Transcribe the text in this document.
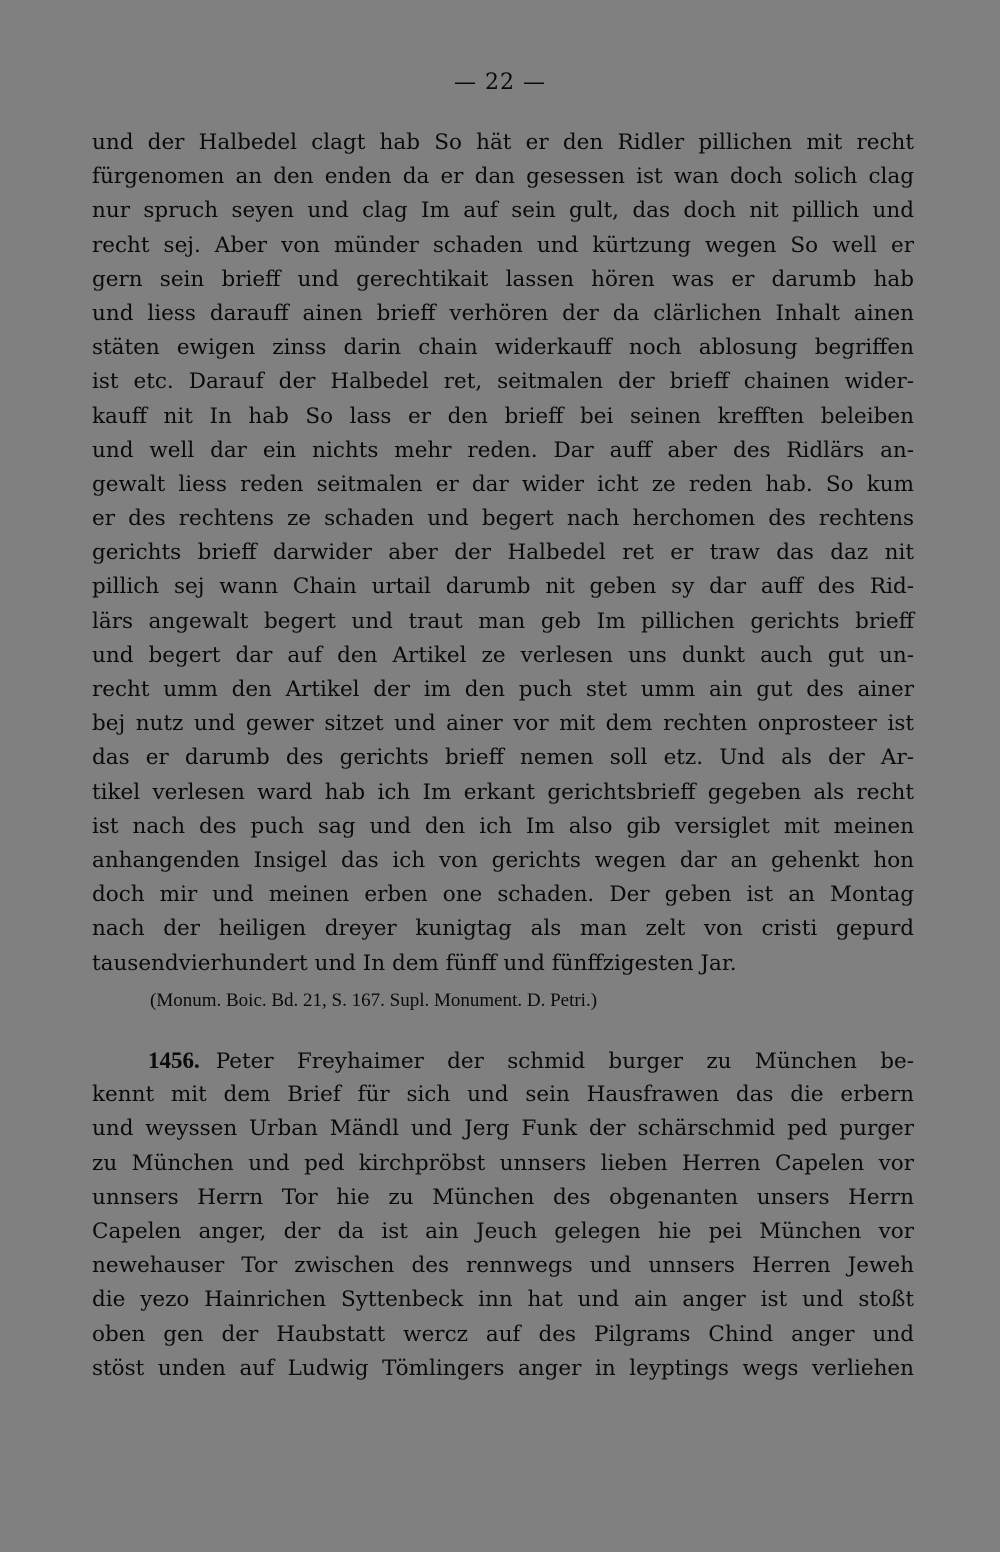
— 22 —
und der Halbedel clagt hab So hät er den Ridler pillichen mit recht
fürgenomen an den enden da er dan gesessen ist wan doch solich clag
nur spruch seyen und clag Im auf sein gult, das doch nit pillich und
recht sej. Aber von münder schaden und kürtzung wegen So well er
gern sein brieff und gerechtikait lassen hören was er darumb hab
und liess darauff ainen brieff verhören der da clärlichen Inhalt ainen
stäten ewigen zinss darin chain widerkauff noch ablosung begriffen
ist etc. Darauf der Halbedel ret, seitmalen der brieff chainen wider-
kauff nit In hab So lass er den brieff bei seinen krefften beleiben
und well dar ein nichts mehr reden. Dar auff aber des Ridlärs an-
gewalt liess reden seitmalen er dar wider icht ze reden hab. So kum
er des rechtens ze schaden und begert nach herchomen des rechtens
gerichts brieff darwider aber der Halbedel ret er traw das daz nit
pillich sej wann Chain urtail darumb nit geben sy dar auff des Rid-
lärs angewalt begert und traut man geb Im pillichen gerichts brieff
und begert dar auf den Artikel ze verlesen uns dunkt auch gut un-
recht umm den Artikel der im den puch stet umm ain gut des ainer
bej nutz und gewer sitzet und ainer vor mit dem rechten onprosteer ist
das er darumb des gerichts brieff nemen soll etz. Und als der Ar-
tikel verlesen ward hab ich Im erkant gerichtsbrieff gegeben als recht
ist nach des puch sag und den ich Im also gib versiglet mit meinen
anhangenden Insigel das ich von gerichts wegen dar an gehenkt hon
doch mir und meinen erben one schaden. Der geben ist an Montag
nach der heiligen dreyer kunigtag als man zelt von cristi gepurd
tausendvierhundert und In dem fünff und fünffzigesten Jar.
(Monum. Boic. Bd. 21, S. 167. Supl. Monument. D. Petri.)
1456. Peter Freyhaimer der schmid burger zu München be-
kennt mit dem Brief für sich und sein Hausfrawen das die erbern
und weyssen Urban Mändl und Jerg Funk der schärschmid ped purger
zu München und ped kirchpröbst unnsers lieben Herren Capelen vor
unnsers Herrn Tor hie zu München des obgenanten unsers Herrn
Capelen anger, der da ist ain Jeuch gelegen hie pei München vor
newehauser Tor zwischen des rennwegs und unnsers Herren Jeweh
die yezo Hainrichen Syttenbeck inn hat und ain anger ist und stoßt
oben gen der Haubstatt wercz auf des Pilgrams Chind anger und
stöst unden auf Ludwig Tömlingers anger in leyptings wegs verliehen
